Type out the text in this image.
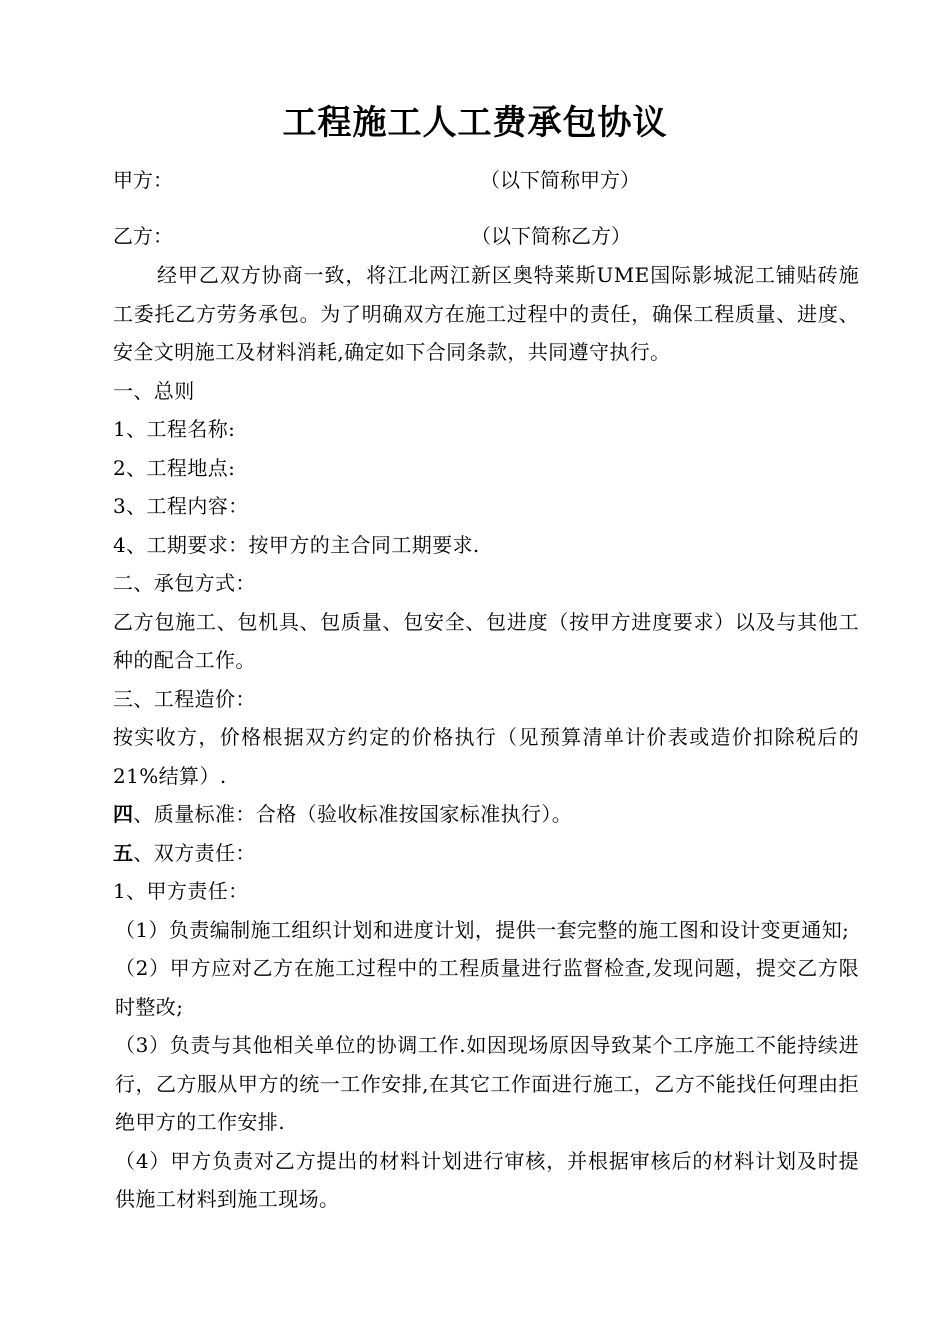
工程施工人工费承包协议
甲方：	（以下简称甲方）
乙方：	（以下简称乙方）

经甲乙双方协商一致，将江北两江新区奥特莱斯UME国际影城泥工铺贴砖施工委托乙方劳务承包。为了明确双方在施工过程中的责任，确保工程质量、进度、安全文明施工及材料消耗,确定如下合同条款，共同遵守执行。

一、总则

1、工程名称:

2、工程地点:

3、工程内容：

4、工期要求：按甲方的主合同工期要求.

二、承包方式：

乙方包施工、包机具、包质量、包安全、包进度（按甲方进度要求）以及与其他工种的配合工作。

三、工程造价：

按实收方，价格根据双方约定的价格执行（见预算清单计价表或造价扣除税后的21%结算）.

四、质量标准：合格（验收标准按国家标准执行）。

五、双方责任：

1、甲方责任：

（1）负责编制施工组织计划和进度计划，提供一套完整的施工图和设计变更通知;

（2）甲方应对乙方在施工过程中的工程质量进行监督检查,发现问题，提交乙方限时整改;

（3）负责与其他相关单位的协调工作.如因现场原因导致某个工序施工不能持续进行，乙方服从甲方的统一工作安排,在其它工作面进行施工，乙方不能找任何理由拒绝甲方的工作安排.

（4）甲方负责对乙方提出的材料计划进行审核，并根据审核后的材料计划及时提供施工材料到施工现场。
